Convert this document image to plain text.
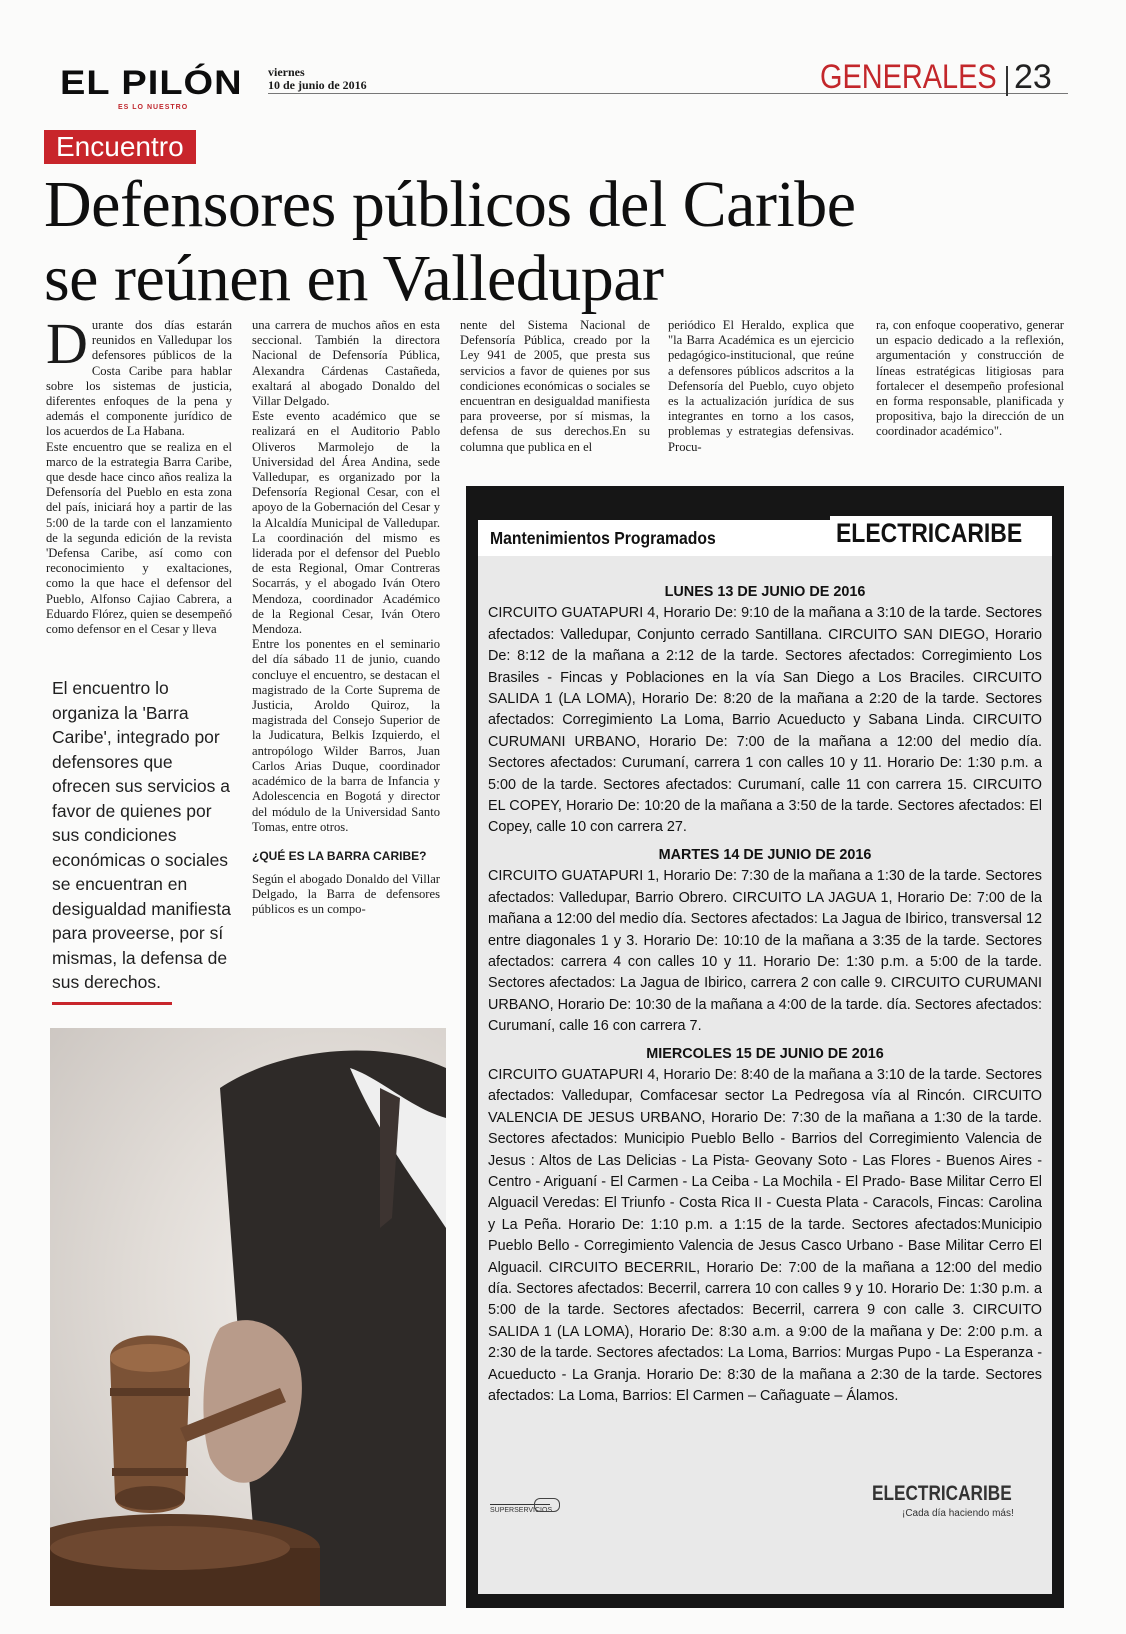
EL PILÓN
ES LO NUESTRO
viernes
10 de junio de 2016	GENERALES 23
Encuentro
Defensores públicos del Caribe
se reúnen en Valledupar
D urante dos días estarán reunidos en Valledupar los defensores públicos de la Costa Caribe para hablar sobre los sistemas de justicia, diferentes enfoques de la pena y además el componente jurídico de los acuerdos de La Habana.

Este encuentro que se realiza en el marco de la estrategia Barra Caribe, que desde hace cinco años realiza la Defensoría del Pueblo en esta zona del país, iniciará hoy a partir de las 5:00 de la tarde con el lanzamiento de la segunda edición de la revista 'Defensa Caribe, así como con reconocimiento y exaltaciones, como la que hace el defensor del Pueblo, Alfonso Cajiao Cabrera, a Eduardo Flórez, quien se desempeñó como defensor en el Cesar y lleva

El encuentro lo organiza la 'Barra Caribe', integrado por defensores que ofrecen sus servicios a favor de quienes por sus condiciones económicas o sociales se encuentran en desigualdad manifiesta para proveerse, por sí mismas, la defensa de sus derechos.

una carrera de muchos años en esta seccional. También la directora Nacional de Defensoría Pública, Alexandra Cárdenas Castañeda, exaltará al abogado Donaldo del Villar Delgado.

Este evento académico que se realizará en el Auditorio Pablo Oliveros Marmolejo de la Universidad del Área Andina, sede Valledupar, es organizado por la Defensoría Regional Cesar, con el apoyo de la Gobernación del Cesar y la Alcaldía Municipal de Valledupar. La coordinación del mismo es liderada por el defensor del Pueblo de esta Regional, Omar Contreras Socarrás, y el abogado Iván Otero Mendoza, coordinador Académico de la Regional Cesar, Iván Otero Mendoza.

Entre los ponentes en el seminario del día sábado 11 de junio, cuando concluye el encuentro, se destacan el magistrado de la Corte Suprema de Justicia, Aroldo Quiroz, la magistrada del Consejo Superior de la Judicatura, Belkis Izquierdo, el antropólogo Wilder Barros, Juan Carlos Arias Duque, coordinador académico de la barra de Infancia y Adolescencia en Bogotá y director del módulo de la Universidad Santo Tomas, entre otros.

¿QUÉ ES LA BARRA CARIBE?

Según el abogado Donaldo del Villar Delgado, la Barra de defensores públicos es un compo-

nente del Sistema Nacional de Defensoría Pública, creado por la Ley 941 de 2005, que presta sus servicios a favor de quienes por sus condiciones económicas o sociales se encuentran en desigualdad manifiesta para proveerse, por sí mismas, la defensa de sus derechos.En su columna que publica en el

periódico El Heraldo, explica que "la Barra Académica es un ejercicio pedagógico-institucional, que reúne a defensores públicos adscritos a la Defensoría del Pueblo, cuyo objeto es la actualización jurídica de sus integrantes en torno a los casos, problemas y estrategias defensivas. Procu-

ra, con enfoque cooperativo, generar un espacio dedicado a la reflexión, argumentación y construcción de líneas estratégicas litigiosas para fortalecer el desempeño profesional en forma responsable, planificada y propositiva, bajo la dirección de un coordinador académico".

Mantenimientos Programados	ELECTRICARIBE

LUNES 13 DE JUNIO DE 2016

CIRCUITO GUATAPURI 4, Horario De: 9:10 de la mañana a 3:10 de la tarde. Sectores afectados: Valledupar, Conjunto cerrado Santillana. CIRCUITO SAN DIEGO, Horario De: 8:12 de la mañana a 2:12 de la tarde. Sectores afectados: Corregimiento Los Brasiles - Fincas y Poblaciones en la vía San Diego a Los Braciles. CIRCUITO SALIDA 1 (LA LOMA), Horario De: 8:20 de la mañana a 2:20 de la tarde. Sectores afectados: Corregimiento La Loma, Barrio Acueducto y Sabana Linda. CIRCUITO CURUMANI URBANO, Horario De: 7:00 de la mañana a 12:00 del medio día. Sectores afectados: Curumaní, carrera 1 con calles 10 y 11. Horario De: 1:30 p.m. a 5:00 de la tarde. Sectores afectados: Curumaní, calle 11 con carrera 15. CIRCUITO EL COPEY, Horario De: 10:20 de la mañana a 3:50 de la tarde. Sectores afectados: El Copey, calle 10 con carrera 27.

MARTES 14 DE JUNIO DE 2016

CIRCUITO GUATAPURI 1, Horario De: 7:30 de la mañana a 1:30 de la tarde. Sectores afectados: Valledupar, Barrio Obrero. CIRCUITO LA JAGUA 1, Horario De: 7:00 de la mañana a 12:00 del medio día. Sectores afectados: La Jagua de Ibirico, transversal 12 entre diagonales 1 y 3. Horario De: 10:10 de la mañana a 3:35 de la tarde. Sectores afectados: carrera 4 con calles 10 y 11. Horario De: 1:30 p.m. a 5:00 de la tarde. Sectores afectados: La Jagua de Ibirico, carrera 2 con calle 9. CIRCUITO CURUMANI URBANO, Horario De: 10:30 de la mañana a 4:00 de la tarde. día. Sectores afectados: Curumaní, calle 16 con carrera 7.

MIERCOLES 15 DE JUNIO DE 2016

CIRCUITO GUATAPURI 4, Horario De: 8:40 de la mañana a 3:10 de la tarde. Sectores afectados: Valledupar, Comfacesar sector La Pedregosa vía al Rincón. CIRCUITO VALENCIA DE JESUS URBANO, Horario De: 7:30 de la mañana a 1:30 de la tarde. Sectores afectados: Municipio Pueblo Bello - Barrios del Corregimiento Valencia de Jesus : Altos de Las Delicias - La Pista- Geovany Soto - Las Flores - Buenos Aires - Centro - Ariguaní - El Carmen - La Ceiba - La Mochila - El Prado- Base Militar Cerro El Alguacil Veredas: El Triunfo - Costa Rica II - Cuesta Plata - Caracols, Fincas: Carolina y La Peña. Horario De: 1:10 p.m. a 1:15 de la tarde. Sectores afectados:Municipio Pueblo Bello - Corregimiento Valencia de Jesus Casco Urbano - Base Militar Cerro El Alguacil. CIRCUITO BECERRIL, Horario De: 7:00 de la mañana a 12:00 del medio día. Sectores afectados: Becerril, carrera 10 con calles 9 y 10. Horario De: 1:30 p.m. a 5:00 de la tarde. Sectores afectados: Becerril, carrera 9 con calle 3. CIRCUITO SALIDA 1 (LA LOMA), Horario De: 8:30 a.m. a 9:00 de la mañana y De: 2:00 p.m. a 2:30 de la tarde. Sectores afectados: La Loma, Barrios: Murgas Pupo - La Esperanza - Acueducto - La Granja. Horario De: 8:30 de la mañana a 2:30 de la tarde. Sectores afectados: La Loma, Barrios: El Carmen – Cañaguate – Álamos.

SUPERSERVICIOS
ELECTRICARIBE
¡Cada día haciendo más!
